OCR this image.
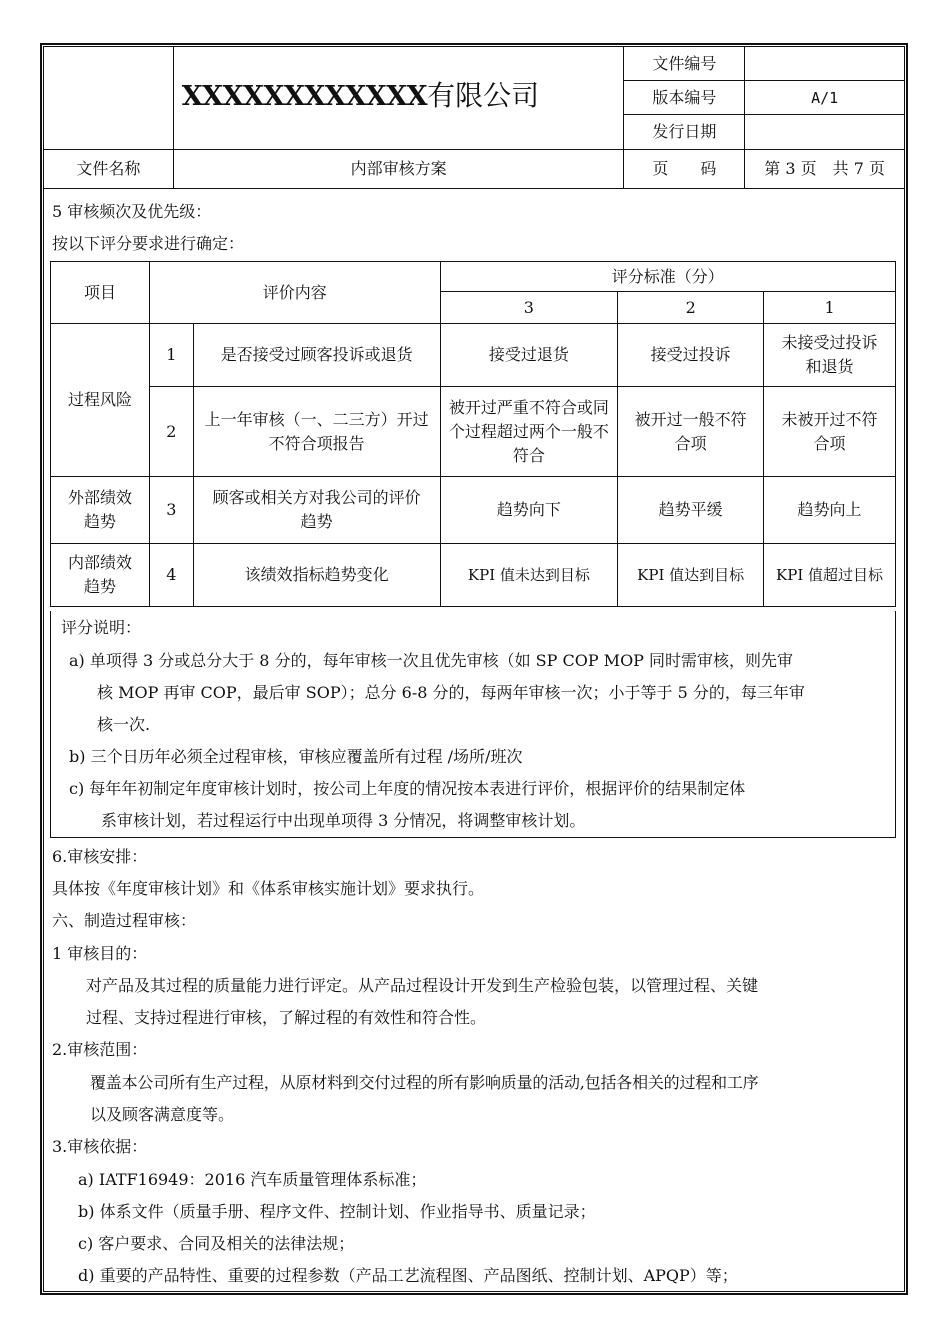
	XXXXXXXXXXXX有限公司	文件编号	
		版本编号	A/1
		发行日期	
文件名称	内部审核方案	页　　码	第 3 页　共 7 页
5 审核频次及优先级：
按以下评分要求进行确定：
项目	评价内容		评分标准（分）		
			3	2	1
过程风险	1	是否接受过顾客投诉或退货	接受过退货	接受过投诉	未接受过投诉和退货
	2	上一年审核（一、二三方）开过不符合项报告	被开过严重不符合或同个过程超过两个一般不符合	被开过一般不符合项	未被开过不符合项
外部绩效趋势	3	顾客或相关方对我公司的评价趋势	趋势向下	趋势平缓	趋势向上
内部绩效趋势	4	该绩效指标趋势变化	KPI 值未达到目标	KPI 值达到目标	KPI 值超过目标
评分说明：
a) 单项得 3 分或总分大于 8 分的，每年审核一次且优先审核（如 SP COP MOP 同时需审核，则先审
核 MOP 再审 COP，最后审 SOP）；总分 6-8 分的，每两年审核一次；小于等于 5 分的，每三年审
核一次.
b) 三个日历年必须全过程审核，审核应覆盖所有过程 /场所/班次
c) 每年年初制定年度审核计划时，按公司上年度的情况按本表进行评价，根据评价的结果制定体
系审核计划，若过程运行中出现单项得 3 分情况，将调整审核计划。
6.审核安排：
具体按《年度审核计划》和《体系审核实施计划》要求执行。
六、制造过程审核：
1 审核目的：
对产品及其过程的质量能力进行评定。从产品过程设计开发到生产检验包装，以管理过程、关键
过程、支持过程进行审核，了解过程的有效性和符合性。
2.审核范围：
覆盖本公司所有生产过程，从原材料到交付过程的所有影响质量的活动,包括各相关的过程和工序
以及顾客满意度等。
3.审核依据：
a) IATF16949：2016 汽车质量管理体系标准；
b) 体系文件（质量手册、程序文件、控制计划、作业指导书、质量记录；
c) 客户要求、合同及相关的法律法规；
d) 重要的产品特性、重要的过程参数（产品工艺流程图、产品图纸、控制计划、APQP）等；
